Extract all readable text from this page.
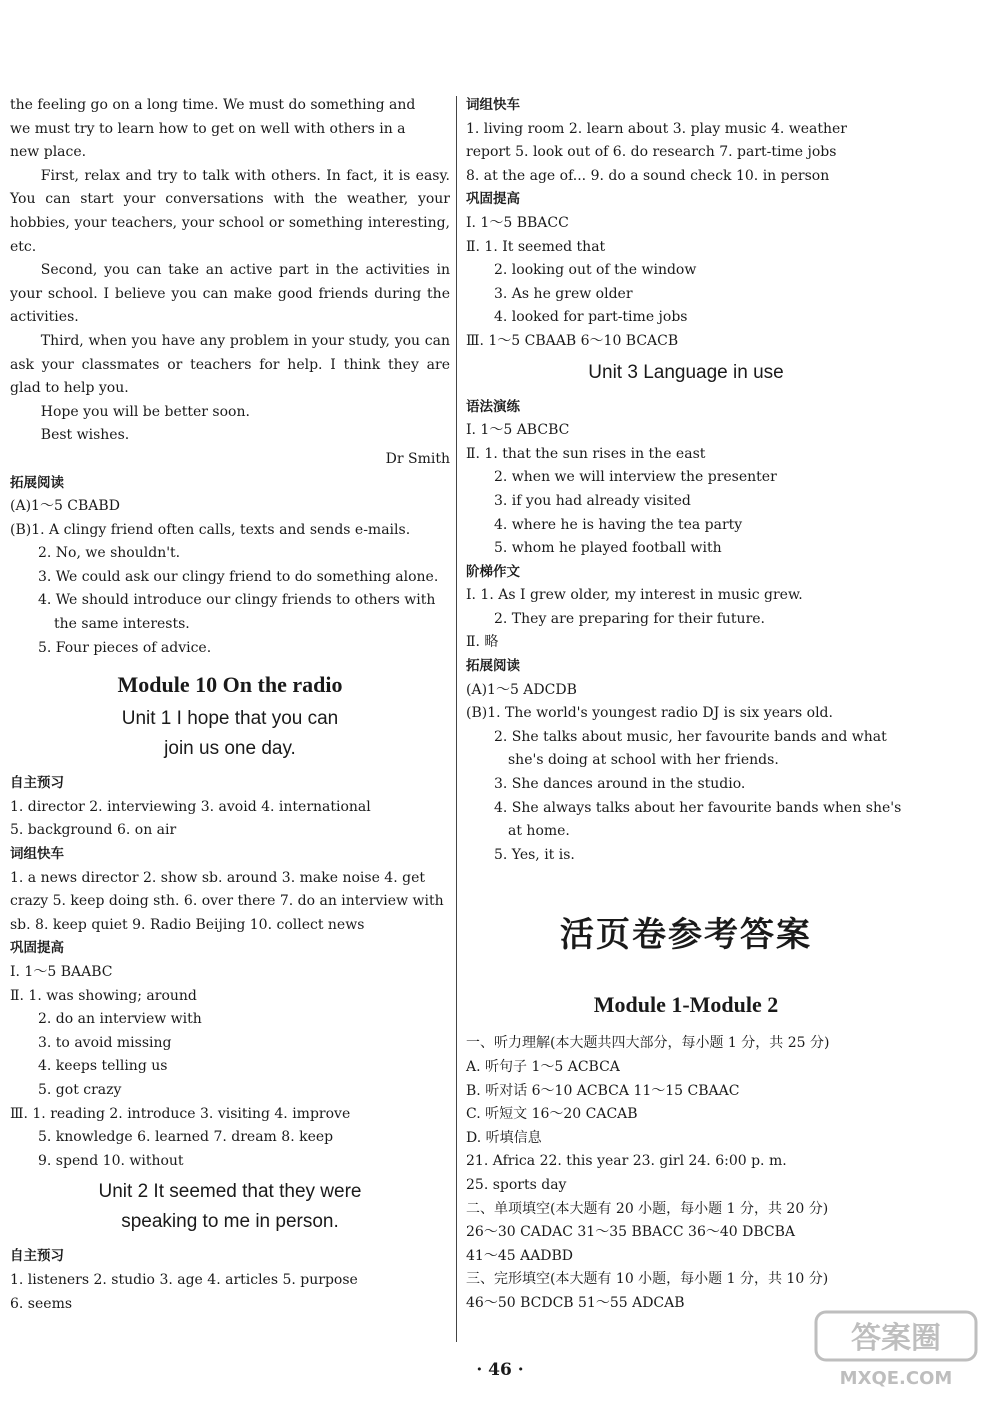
the feeling go on a long time. We must do something and
we must try to learn how to get on well with others in a
new place.
First, relax and try to talk with others. In fact, it is easy. You can start your conversations with the weather, your hobbies, your teachers, your school or something interesting, etc.
Second, you can take an active part in the activities in your school. I believe you can make good friends during the activities.
Third, when you have any problem in your study, you can ask your classmates or teachers for help. I think they are glad to help you.
Hope you will be better soon.
Best wishes.
Dr Smith
拓展阅读
(A)1～5 CBABD
(B)1. A clingy friend often calls, texts and sends e-mails.
2. No, we shouldn't.
3. We could ask our clingy friend to do something alone.
4. We should introduce our clingy friends to others with
the same interests.
5. Four pieces of advice.
Module 10 On the radio
Unit 1 I hope that you can
join us one day.
自主预习
1. director 2. interviewing 3. avoid 4. international
5. background 6. on air
词组快车
1. a news director 2. show sb. around 3. make noise 4. get
crazy 5. keep doing sth. 6. over there 7. do an interview with
sb. 8. keep quiet 9. Radio Beijing 10. collect news
巩固提高
Ⅰ. 1～5 BAABC
Ⅱ. 1. was showing; around
2. do an interview with
3. to avoid missing
4. keeps telling us
5. got crazy
Ⅲ. 1. reading 2. introduce 3. visiting 4. improve
5. knowledge 6. learned 7. dream 8. keep
9. spend 10. without
Unit 2 It seemed that they were
speaking to me in person.
自主预习
1. listeners 2. studio 3. age 4. articles 5. purpose
6. seems
词组快车
1. living room 2. learn about 3. play music 4. weather
report 5. look out of 6. do research 7. part-time jobs
8. at the age of... 9. do a sound check 10. in person
巩固提高
Ⅰ. 1～5 BBACC
Ⅱ. 1. It seemed that
2. looking out of the window
3. As he grew older
4. looked for part-time jobs
Ⅲ. 1～5 CBAAB 6～10 BCACB
Unit 3 Language in use
语法演练
Ⅰ. 1～5 ABCBC
Ⅱ. 1. that the sun rises in the east
2. when we will interview the presenter
3. if you had already visited
4. where he is having the tea party
5. whom he played football with
阶梯作文
Ⅰ. 1. As I grew older, my interest in music grew.
2. They are preparing for their future.
Ⅱ. 略
拓展阅读
(A)1～5 ADCDB
(B)1. The world's youngest radio DJ is six years old.
2. She talks about music, her favourite bands and what
she's doing at school with her friends.
3. She dances around in the studio.
4. She always talks about her favourite bands when she's
at home.
5. Yes, it is.
活页卷参考答案
Module 1-Module 2
一、听力理解(本大题共四大部分，每小题 1 分，共 25 分)
A. 听句子 1～5 ACBCA
B. 听对话 6～10 ACBCA 11～15 CBAAC
C. 听短文 16～20 CACAB
D. 听填信息
21. Africa 22. this year 23. girl 24. 6:00 p. m.
25. sports day
二、单项填空(本大题有 20 小题，每小题 1 分，共 20 分)
26～30 CADAC 31～35 BBACC 36～40 DBCBA
41～45 AADBD
三、完形填空(本大题有 10 小题，每小题 1 分，共 10 分)
46～50 BCDCB 51～55 ADCAB
· 46 ·
答案圈
MXQE.COM
